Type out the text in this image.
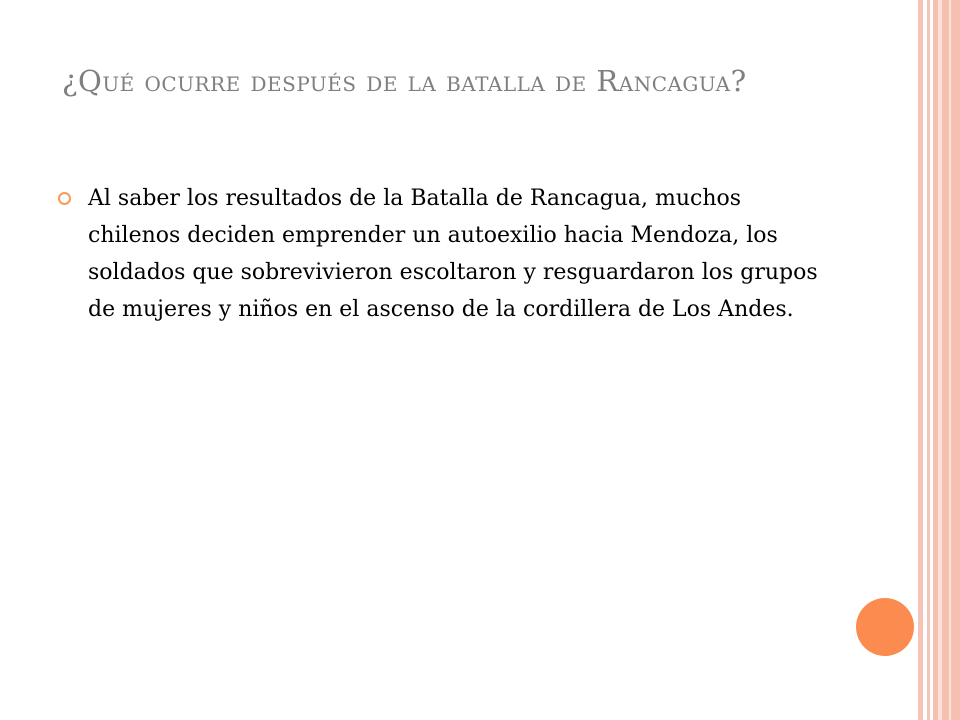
¿Qué ocurre después de la batalla de Rancagua?
Al saber los resultados de la Batalla de Rancagua, muchos chilenos deciden emprender un autoexilio hacia Mendoza, los soldados que sobrevivieron escoltaron y resguardaron los grupos de mujeres y niños en el ascenso de la cordillera de Los Andes.
